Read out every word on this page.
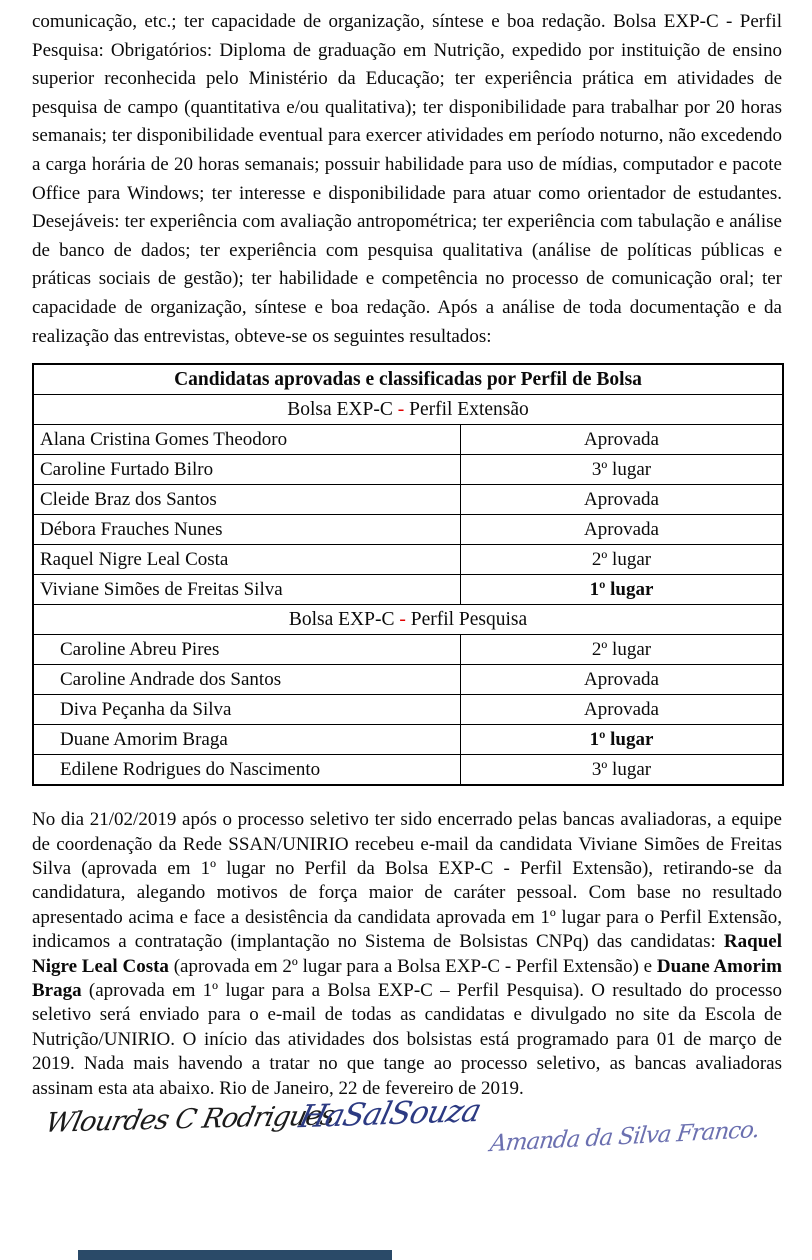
comunicação, etc.; ter capacidade de organização, síntese e boa redação. Bolsa EXP-C - Perfil Pesquisa: Obrigatórios: Diploma de graduação em Nutrição, expedido por instituição de ensino superior reconhecida pelo Ministério da Educação; ter experiência prática em atividades de pesquisa de campo (quantitativa e/ou qualitativa); ter disponibilidade para trabalhar por 20 horas semanais; ter disponibilidade eventual para exercer atividades em período noturno, não excedendo a carga horária de 20 horas semanais; possuir habilidade para uso de mídias, computador e pacote Office para Windows; ter interesse e disponibilidade para atuar como orientador de estudantes. Desejáveis: ter experiência com avaliação antropométrica; ter experiência com tabulação e análise de banco de dados; ter experiência com pesquisa qualitativa (análise de políticas públicas e práticas sociais de gestão); ter habilidade e competência no processo de comunicação oral; ter capacidade de organização, síntese e boa redação. Após a análise de toda documentação e da realização das entrevistas, obteve-se os seguintes resultados:
Candidatas aprovadas e classificadas por Perfil de Bolsa	
Bolsa EXP-C - Perfil Extensão	
Alana Cristina Gomes Theodoro	Aprovada
Caroline Furtado Bilro	3º lugar
Cleide Braz dos Santos	Aprovada
Débora Frauches Nunes	Aprovada
Raquel Nigre Leal Costa	2º lugar
Viviane Simões de Freitas Silva	1º lugar
Bolsa EXP-C - Perfil Pesquisa	
Caroline Abreu Pires	2º lugar
Caroline Andrade dos Santos	Aprovada
Diva Peçanha da Silva	Aprovada
Duane Amorim Braga	1º lugar
Edilene Rodrigues do Nascimento	3º lugar
No dia 21/02/2019 após o processo seletivo ter sido encerrado pelas bancas avaliadoras, a equipe de coordenação da Rede SSAN/UNIRIO recebeu e-mail da candidata Viviane Simões de Freitas Silva (aprovada em 1º lugar no Perfil da Bolsa EXP-C - Perfil Extensão), retirando-se da candidatura, alegando motivos de força maior de caráter pessoal. Com base no resultado apresentado acima e face a desistência da candidata aprovada em 1º lugar para o Perfil Extensão, indicamos a contratação (implantação no Sistema de Bolsistas CNPq) das candidatas: Raquel Nigre Leal Costa (aprovada em 2º lugar para a Bolsa EXP-C - Perfil Extensão) e Duane Amorim Braga (aprovada em 1º lugar para a Bolsa EXP-C – Perfil Pesquisa). O resultado do processo seletivo será enviado para o e-mail de todas as candidatas e divulgado no site da Escola de Nutrição/UNIRIO. O início das atividades dos bolsistas está programado para 01 de março de 2019. Nada mais havendo a tratar no que tange ao processo seletivo, as bancas avaliadoras assinam esta ata abaixo. Rio de Janeiro, 22 de fevereiro de 2019.
Wlourdes C Rodrigues
HaSalSouza
Amanda da Silva Franco.
